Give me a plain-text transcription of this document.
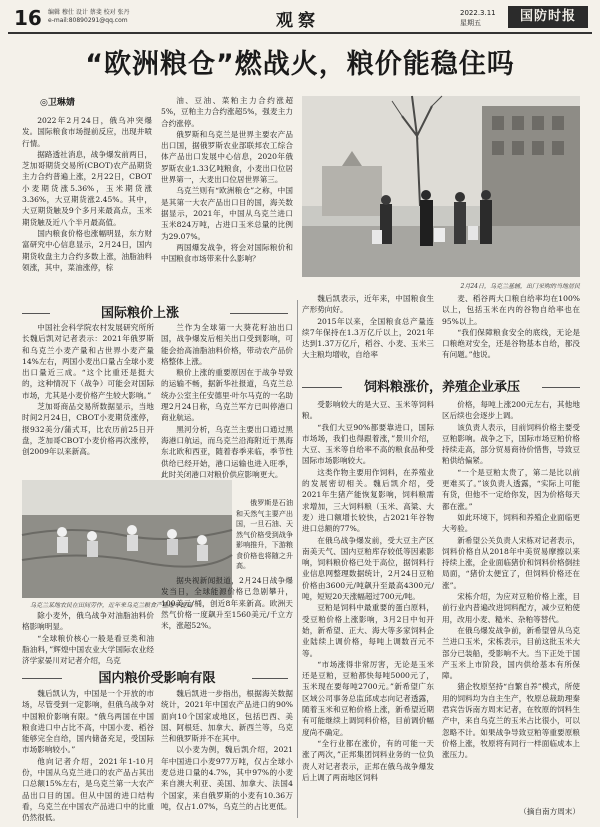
16 编辑 穆仕 设计 蔡斐 校对 张丹
e-mail:80890291@qq.com	观察	2022.3.11
星期五	国防时报
“欧洲粮仓”燃战火，粮价能稳住吗
◎卫琳婧

2022年2月24日，俄乌冲突爆发。国际粮食市场提前反应，出现井喷行情。

据路透社消息，战争爆发前两日，芝加哥期货交易所(CBOT)农产品期货主力合约普遍上涨，2月22日，CBOT小麦期货涨5.36%，玉米期货涨3.36%，大豆期货涨2.45%。其中，大豆期货触及9个多月来最高点，玉米期货触及近八个半月最高值。

国内粮食价格也涨幅明显，东方财富研究中心信息显示，2月24日，国内期货收盘主力合约多数上涨，油脂油料领涨，其中，菜油涨停，棕

油、豆油、菜粕主力合约涨超5%，豆粕主力合约涨超5%，强麦主力合约涨停。

俄罗斯和乌克兰是世界主要农产品出口国，据俄罗斯农业部联邦农工综合体产品出口发展中心信息，2020年俄罗斯农业1.33亿吨粮食，小麦出口位居世界第一，大麦出口位居世界第三。

乌克兰则有“欧洲粮仓”之称，中国是其第一大农产品出口目的国，海关数据显示，2021年，中国从乌克兰进口玉米824万吨，占进口玉米总量的比例为29.07%。

两国爆发战争，将会对国际粮价和中国粮食市场带来什么影响？

2月24日，乌克兰基辅，出门采购的当地居民
国际粮价上涨

中国社会科学院农村发展研究所所长魏后凯对记者表示：2021年俄罗斯和乌克兰小麦产量和占世界小麦产量14%左右，两国小麦出口量占全球小麦出口量近三成。“这个比重还是挺大的，这种情况下（战争）可能会对国际市场，尤其是小麦价格产生较大影响。”

芝加哥商品交易所数据显示，当地时间2月24日，CBOT小麦期货涨停，报932美分/蒲式耳，比农历前25日开盘，芝加哥CBOT小麦价格再次涨停，创2009年以来新高。

兰作为全球第一大葵花籽油出口国，战争爆发后相关出口受到影响，可能会抬高油脂油料价格，带动农产品价格整体上涨。

粮价上涨的重要原因在于战争导致的运输不畅，据新华社报道，乌克兰总统办公室主任安德里·叶尔马克的一名助理2月24日称，乌克兰军方已叫停港口商业航运。

黑河分析，乌克兰主要出口通过黑海港口航运，而乌克兰沿海附近于黑海东北欧和西亚，随着春季来临，季节性供给已经开始，港口运输也进入旺季，此时关闭港口对粮价供应影响更大。

乌克兰某地农民在田间劳作，近年来乌克兰粮食产量逐年提高

俄罗斯是石油和天然气主要产出国，一旦石油、天然气价格受到战争影响推升，下游粮食价格也将随之升高。

除小麦外，俄乌战争对油脂油料价格影响明显。

“全球粮价核心一般是看豆类和油脂油料，”辉煌中国农业大学国际农业经济学家晏川对记者介绍，乌克

据央视新闻报道，2月24日战争爆发当日，全球能源价格已急剧攀升，100美元/桶，创近8年来新高。欧洲天然气价格一度飙升至1560美元/千立方米，涨超52%。

国内粮价受影响有限

魏后凯认为，中国是一个开放的市场，尽管受到一定影响，但俄乌战争对中国粮价影响有限。“俄乌两国在中国粮食进口中占比不高，中国小麦、稻谷能够完全自给，国内储备充足，受国际市场影响较小。”

他向记者介绍，2021年1-10月份，中国从乌克兰进口的农产品占其出口总额15%左右，是乌克兰第一大农产品出口目的国。但从中国的进口结构看，乌克兰在中国农产品进口中的比重仍然很低。

魏后凯进一步指出，根据海关数据统计，2021年中国农产品进口的90%面向10个国家或地区，包括巴西、美国、阿根廷、加拿大、新西兰等，乌克兰和俄罗斯并不在其中。

以小麦为例，魏后凯介绍，2021年中国进口小麦977万吨，仅占全球小麦总进口量的4.7%，其中97%的小麦来自澳大利亚、美国、加拿大、法国4个国家，来自俄罗斯的小麦有10.36万吨，仅占1.07%，乌克兰的占比更低。

魏后凯表示，近年来，中国粮食生产形势向好。

2015年以来，全国粮食总产量连续7年保持在1.3万亿斤以上，2021年达到1.37万亿斤，稻谷、小麦、玉米三大主粮均增收，自给率

麦、稻谷两大口粮自给率均在100%以上，包括玉米在内的谷物自给率也在95%以上。

“我们保障粮食安全的底线，无论是口粮绝对安全，还是谷物基本自给，都没有问题。”他说。

饲料粮涨价，养殖企业承压

受影响较大的是大豆、玉米等饲料粮。

“我们大豆90%都要靠进口，国际市场场，我们也得跟着涨，”景川介绍，大豆、玉米等自给率不高的粮食品种受国际市场影响较大。

这类作物主要用作饲料，在养殖业的发展密切相关。魏后凯介绍，受2021年生猪产能恢复影响，饲料粮需求增加，三大饲料粮（玉米、高粱、大麦）进口额增长较快，占2021年谷物进口总额的77%。

在俄乌战争爆发前，受大豆主产区南美天气、国内豆粕库存较低等因素影响，饲料粮价格已处于高位，据饲料行业信息网整理数据统计，2月24日豆粕价格由3600元/吨飙升至最高4300元/吨，短短20天涨幅超过700元/吨。

豆粕是饲料中最重要的蛋白原料，受豆粕价格上涨影响，3月2日中旬开始，新希望、正大、海大等多家饲料企业陆续上调价格，每吨上调数百元不等。

“市场涨得非常厉害，无论是玉米还是豆粕，豆粕都快每吨5000元了，玉米现在要每吨2700元。”新希望广东区域公司事务总监邱成志向记者透露，随着玉米和豆粕价格上涨，新希望近期有可能继续上调饲料价格，目前调价幅度尚不确定。

“全行业都在涨价，有的可能一天涨了两次，”正邦集团饲料业务的一位负责人对记者表示，正邦在俄乌战争爆发后上调了两南地区饲料

价格，每吨上涨200元左右，其他地区后续也会逐步上调。

该负责人表示，目前饲料价格主要受豆粕影响。战争之下，国际市场豆粕价格持续走高，部分贸易商待价惜售，导致豆粕供给偏紧。

“一个是豆粕太贵了，第二是比以前更难买了。”该负责人透露，“实际上可能有货，但他不一定给你发，因为价格每天都在涨。”

如此环境下，饲料和养殖企业面临更大考验。

新希望公关负责人宋栋对记者表示，饲料价格自从2018年中美贸易摩擦以来持续上涨，企业面临猪价和饲料价格倒挂局面，“猪价太便宜了，但饲料价格还在涨”。

宋栋介绍，为应对豆粕价格上涨，目前行业内普遍改进饲料配方，减少豆粕使用，改用小麦、糙米、杂粕等替代。

在俄乌爆发战争前，新希望曾从乌克兰进口玉米，宋栋表示，目前这批玉米大部分已装船，受影响不大。当下正处于国产玉米上市阶段，国内供给基本有所保障。

猪企牧原坚持“自繁自养”模式，所使用的饲料均为自主生产，牧原总裁助理秦君宾告诉南方周末记者，在牧原的饲料生产中，来自乌克兰的玉米占比很小，可以忽略不计。如果战争导致豆粕等重要原粮价格上涨，牧原将有同行一样面临成本上涨压力。

（摘自南方周末）
